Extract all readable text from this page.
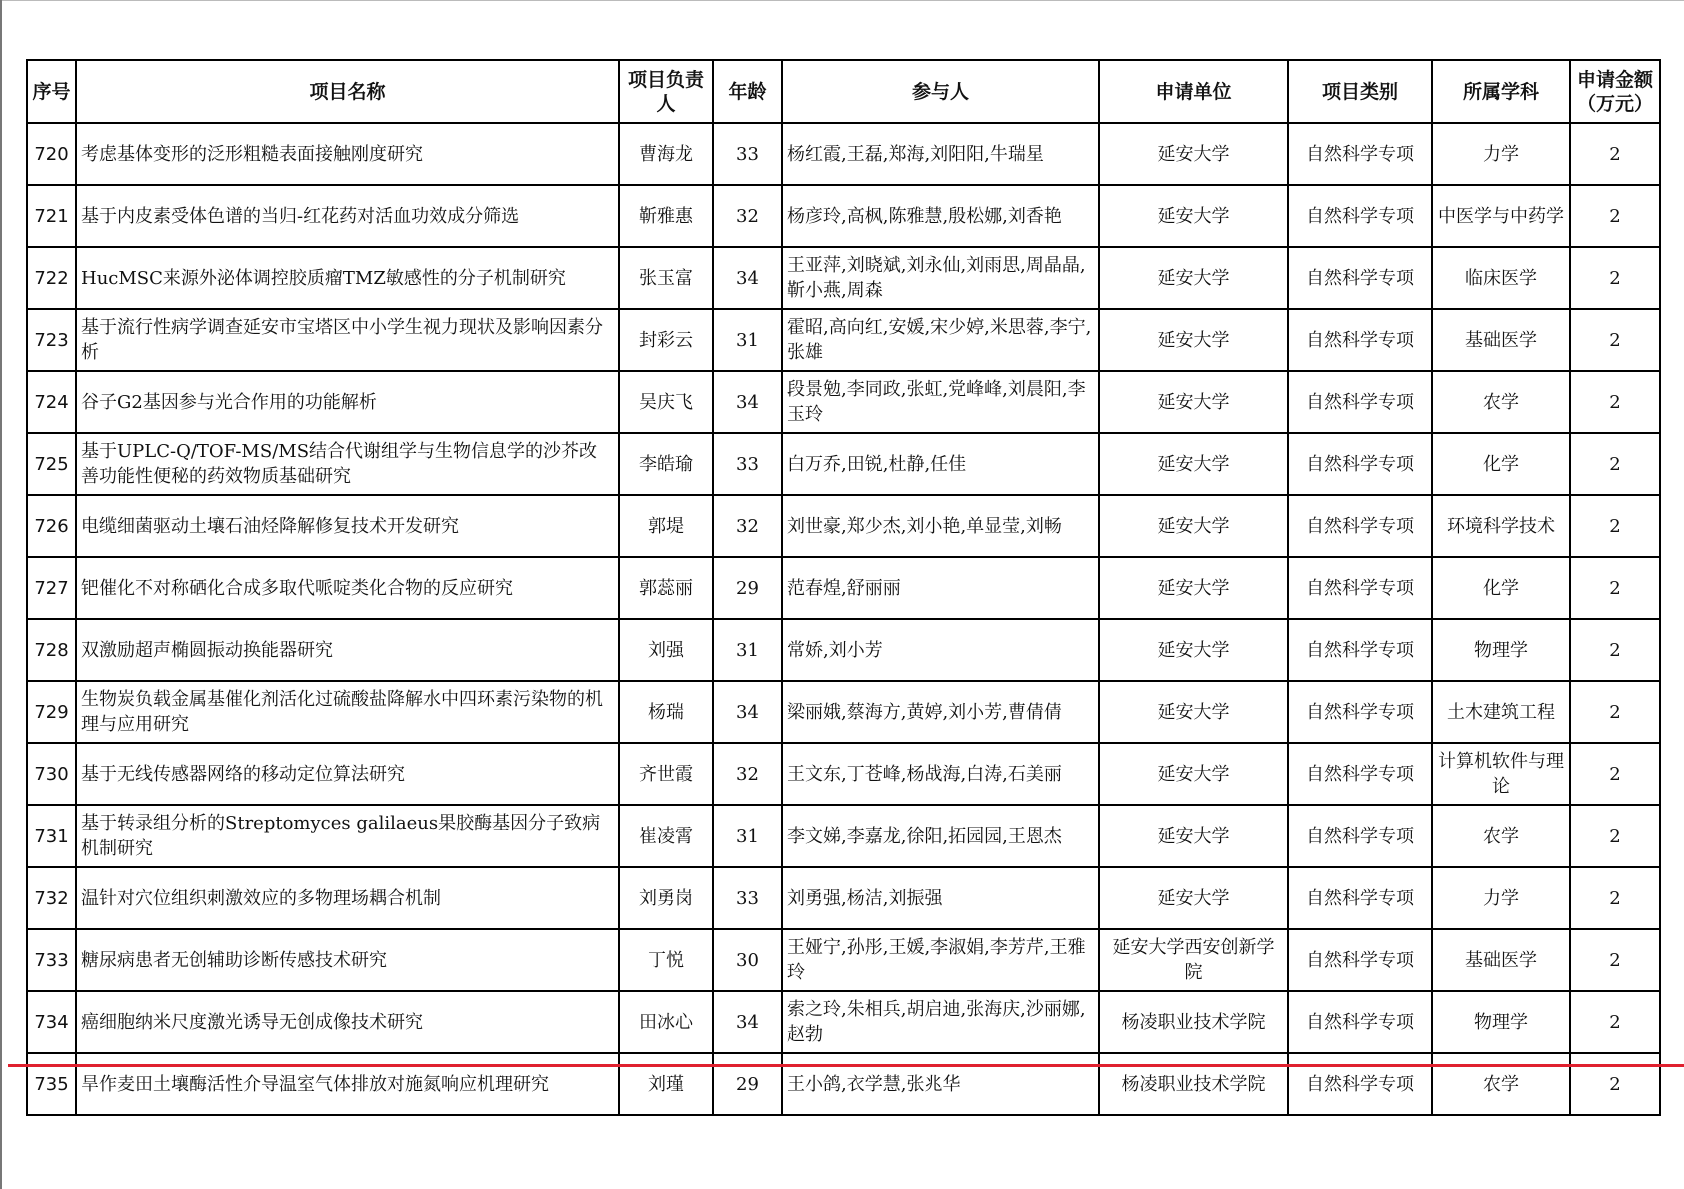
序号	项目名称	项目负责人	年龄	参与人	申请单位	项目类别	所属学科	申请金额（万元）
720	考虑基体变形的泛形粗糙表面接触刚度研究	曹海龙	33	杨红霞,王磊,郑海,刘阳阳,牛瑞星	延安大学	自然科学专项	力学	2
721	基于内皮素受体色谱的当归-红花药对活血功效成分筛选	靳雅惠	32	杨彦玲,高枫,陈雅慧,殷松娜,刘香艳	延安大学	自然科学专项	中医学与中药学	2
722	HucMSC来源外泌体调控胶质瘤TMZ敏感性的分子机制研究	张玉富	34	王亚萍,刘晓斌,刘永仙,刘雨思,周晶晶,靳小燕,周森	延安大学	自然科学专项	临床医学	2
723	基于流行性病学调查延安市宝塔区中小学生视力现状及影响因素分析	封彩云	31	霍昭,高向红,安媛,宋少婷,米思蓉,李宁,张雄	延安大学	自然科学专项	基础医学	2
724	谷子G2基因参与光合作用的功能解析	吴庆飞	34	段景勉,李同政,张虹,党峰峰,刘晨阳,李玉玲	延安大学	自然科学专项	农学	2
725	基于UPLC-Q/TOF-MS/MS结合代谢组学与生物信息学的沙芥改善功能性便秘的药效物质基础研究	李皓瑜	33	白万乔,田锐,杜静,任佳	延安大学	自然科学专项	化学	2
726	电缆细菌驱动土壤石油烃降解修复技术开发研究	郭堤	32	刘世豪,郑少杰,刘小艳,单显莹,刘畅	延安大学	自然科学专项	环境科学技术	2
727	钯催化不对称硒化合成多取代哌啶类化合物的反应研究	郭蕊丽	29	范春煌,舒丽丽	延安大学	自然科学专项	化学	2
728	双激励超声椭圆振动换能器研究	刘强	31	常娇,刘小芳	延安大学	自然科学专项	物理学	2
729	生物炭负载金属基催化剂活化过硫酸盐降解水中四环素污染物的机理与应用研究	杨瑞	34	梁丽娥,蔡海方,黄婷,刘小芳,曹倩倩	延安大学	自然科学专项	土木建筑工程	2
730	基于无线传感器网络的移动定位算法研究	齐世霞	32	王文东,丁苍峰,杨战海,白涛,石美丽	延安大学	自然科学专项	计算机软件与理论	2
731	基于转录组分析的Streptomyces galilaeus果胶酶基因分子致病机制研究	崔凌霄	31	李文娣,李嘉龙,徐阳,拓园园,王恩杰	延安大学	自然科学专项	农学	2
732	温针对穴位组织刺激效应的多物理场耦合机制	刘勇岗	33	刘勇强,杨洁,刘振强	延安大学	自然科学专项	力学	2
733	糖尿病患者无创辅助诊断传感技术研究	丁悦	30	王娅宁,孙彤,王媛,李淑娟,李芳芹,王雅玲	延安大学西安创新学院	自然科学专项	基础医学	2
734	癌细胞纳米尺度激光诱导无创成像技术研究	田冰心	34	索之玲,朱相兵,胡启迪,张海庆,沙丽娜,赵勃	杨凌职业技术学院	自然科学专项	物理学	2
735	旱作麦田土壤酶活性介导温室气体排放对施氮响应机理研究	刘瑾	29	王小鸽,衣学慧,张兆华	杨凌职业技术学院	自然科学专项	农学	2
